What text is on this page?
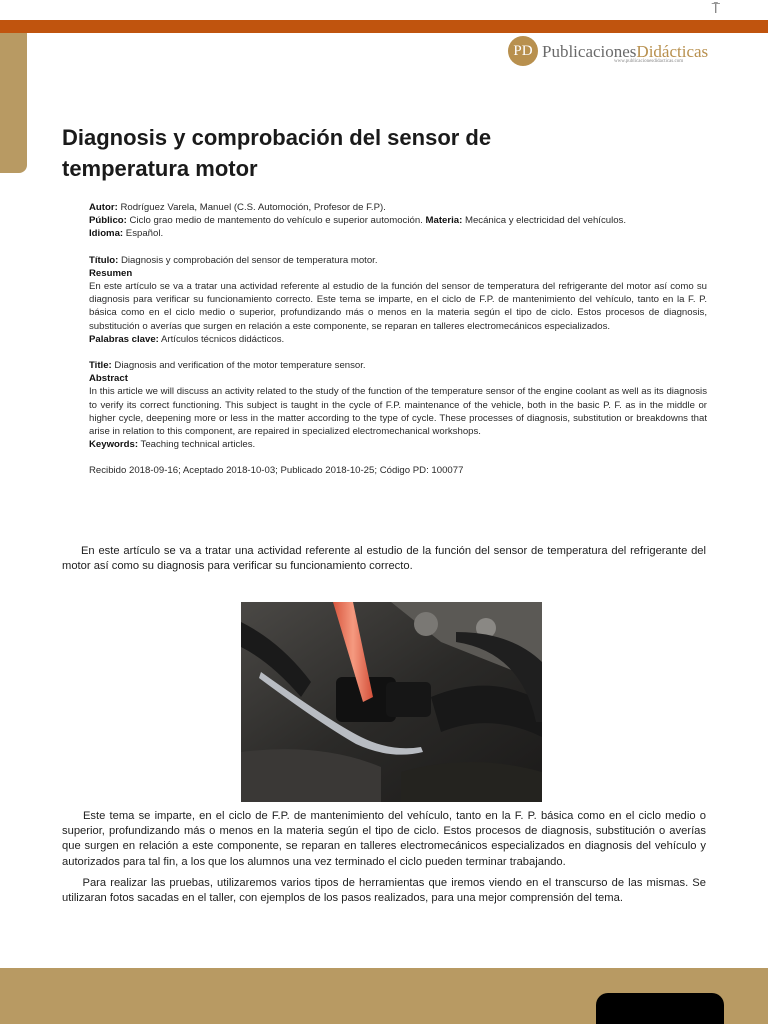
⍑
PD PublicacionesDidácticas
www.publicacionesdidacticas.com
Diagnosis y comprobación del sensor de temperatura motor

Autor: Rodríguez Varela, Manuel (C.S. Automoción, Profesor de F.P).

Público: Ciclo grao medio de mantemento do vehículo e superior automoción. Materia: Mecánica y electricidad del vehículos.

Idioma: Español.

Título: Diagnosis y comprobación del sensor de temperatura motor.

Resumen

En este artículo se va a tratar una actividad referente al estudio de la función del sensor de temperatura del refrigerante del motor así como su diagnosis para verificar su funcionamiento correcto. Este tema se imparte, en el ciclo de F.P. de mantenimiento del vehículo, tanto en la F. P. básica como en el ciclo medio o superior, profundizando más o menos en la materia según el tipo de ciclo. Estos procesos de diagnosis, substitución o averías que surgen en relación a este componente, se reparan en talleres electromecánicos especializados.

Palabras clave: Artículos técnicos didácticos.

Title: Diagnosis and verification of the motor temperature sensor.

Abstract

In this article we will discuss an activity related to the study of the function of the temperature sensor of the engine coolant as well as its diagnosis to verify its correct functioning. This subject is taught in the cycle of F.P. maintenance of the vehicle, both in the basic P. F. as in the middle or higher cycle, deepening more or less in the matter according to the type of cycle. These processes of diagnosis, substitution or breakdowns that arise in relation to this component, are repaired in specialized electromechanical workshops.

Keywords: Teaching technical articles.

Recibido 2018-09-16; Aceptado 2018-10-03; Publicado 2018-10-25; Código PD: 100077

En este artículo se va a tratar una actividad referente al estudio de la función del sensor de temperatura del refrigerante del motor así como su diagnosis para verificar su funcionamiento correcto.

Este tema se imparte, en el ciclo de F.P. de mantenimiento del vehículo, tanto en la F. P. básica como en el ciclo medio o superior, profundizando más o menos en la materia según el tipo de ciclo. Estos procesos de diagnosis, substitución o averías que surgen en relación a este componente, se reparan en talleres electromecánicos especializados en diagnosis del vehículo y autorizados para tal fin, a los que los alumnos una vez terminado el ciclo pueden terminar trabajando.

Para realizar las pruebas, utilizaremos varios tipos de herramientas que iremos viendo en el transcurso de las mismas. Se utilizaran fotos sacadas en el taller, con ejemplos de los pasos realizados, para una mejor comprensión del tema.
